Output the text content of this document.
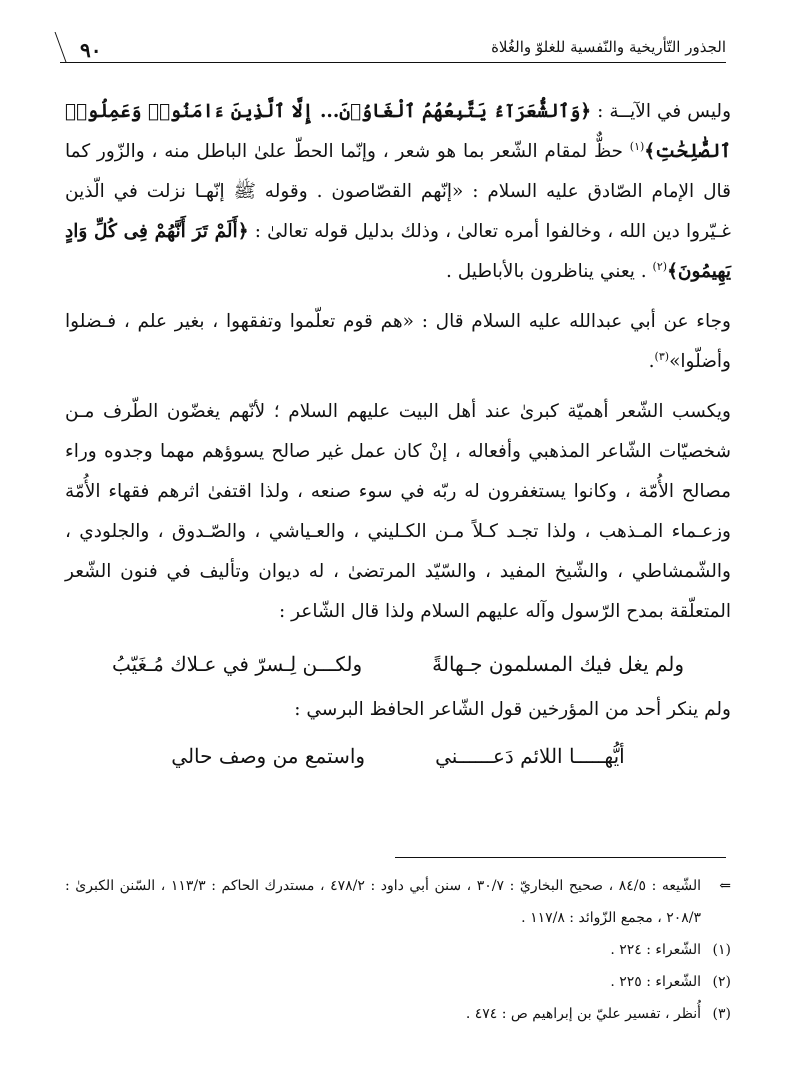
٩٠	الجذور التّأريخية والنّفسية للغلوّ والغُلاة

وليس في الآيــة : ﴿وَٱلشُّعَرَآءُ يَتَّبِعُهُمُ ٱلْغَاوُۥنَ... إِلَّا ٱلَّذِينَ ءَامَنُوا۟ وَعَمِلُوا۟ ٱلصَّٰلِحَٰتِ﴾$^{(١)}$ حظٌّ لمقام الشّعر بما هو شعر ، وإنّما الحطّ علىٰ الباطل منه ، والزّور كما قال الإمام الصّادق عليه السلام : «إنّهم القصّاصون . وقوله ﷺ إنّهـا نزلت في الّذين غـيّروا دين الله ، وخالفوا أمره تعالىٰ ، وذلك بدليل قوله تعالىٰ : ﴿أَلَمْ تَرَ أَنَّهُمْ فِى كُلِّ وَادٍ يَهِيمُونَ﴾$^{(٢)}$ . يعني يناظرون بالأباطيل .

وجاء عن أبي عبدالله عليه السلام قال : «هم قوم تعلّموا وتفقهوا ، بغير علم ، فـضلوا وأضلّوا»$^{(٣)}$.

ويكسب الشّعر أهميّة كبرىٰ عند أهل البيت عليهم السلام ؛ لأنّهم يغضّون الطّرف مـن شخصيّات الشّاعر المذهبي وأفعاله ، إنْ كان عمل غير صالح يسوؤهم مهما وجدوه وراء مصالح الأُمّة ، وكانوا يستغفرون له ربّه في سوء صنعه ، ولذا اقتفىٰ اثرهم فقهاء الأُمّة وزعـماء المـذهب ، ولذا تجـد كـلاً مـن الكـليني ، والعـياشي ، والصّـدوق ، والجلودي ، والشّمشاطي ، والشّيخ المفيد ، والسّيّد المرتضىٰ ، له ديوان وتأليف في فنون الشّعر المتعلّقة بمدح الرّسول وآله عليهم السلام ولذا قال الشّاعر :

ولم يغل فيك المسلمون جـهالةً
ولكـــن لِـسرّ في عـلاك مُـغَيّبُ

ولم ينكر أحد من المؤرخين قول الشّاعر الحافظ البرسي :

أيُّهـــــا اللائم دَعــــــني
واستمع من وصف حالي
⇐
الشّيعه : ٨٤/٥ ، صحيح البخاريّ : ٣٠/٧ ، سنن أبي داود : ٤٧٨/٢ ، مستدرك الحاكم : ١١٣/٣ ، السّنن الكبرىٰ : ٢٠٨/٣ ، مجمع الزّوائد : ١١٧/٨ .
(١)
الشّعراء : ٢٢٤ .
(٢)
الشّعراء : ٢٢٥ .
(٣)
أُنظر ، تفسير عليّ بن إبراهيم ص : ٤٧٤ .
